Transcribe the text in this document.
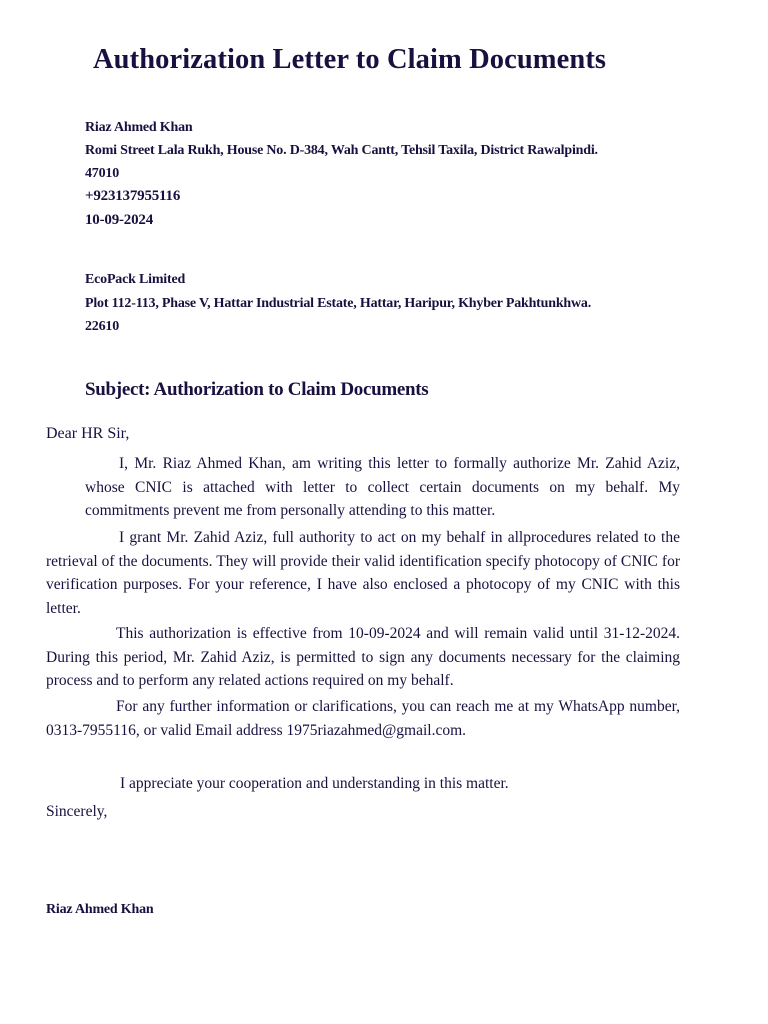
Authorization Letter to Claim Documents
Riaz Ahmed Khan
Romi Street Lala Rukh, House No. D-384, Wah Cantt, Tehsil Taxila, District Rawalpindi.
47010
+923137955116
10-09-2024
EcoPack Limited
Plot 112-113, Phase V, Hattar Industrial Estate, Hattar, Haripur, Khyber Pakhtunkhwa.
22610
Subject: Authorization to Claim Documents
Dear HR Sir,
I, Mr. Riaz Ahmed Khan, am writing this letter to formally authorize Mr. Zahid Aziz, whose CNIC is attached with letter to collect certain documents on my behalf. My commitments prevent me from personally attending to this matter.
I grant Mr. Zahid Aziz, full authority to act on my behalf in allprocedures related to the retrieval of the documents. They will provide their valid identification specify photocopy of CNIC for verification purposes. For your reference, I have also enclosed a photocopy of my CNIC with this letter.
This authorization is effective from 10-09-2024 and will remain valid until 31-12-2024. During this period, Mr. Zahid Aziz, is permitted to sign any documents necessary for the claiming process and to perform any related actions required on my behalf.
For any further information or clarifications, you can reach me at my WhatsApp number, 0313-7955116, or valid Email address 1975riazahmed@gmail.com.
I appreciate your cooperation and understanding in this matter.
Sincerely,
Riaz Ahmed Khan
